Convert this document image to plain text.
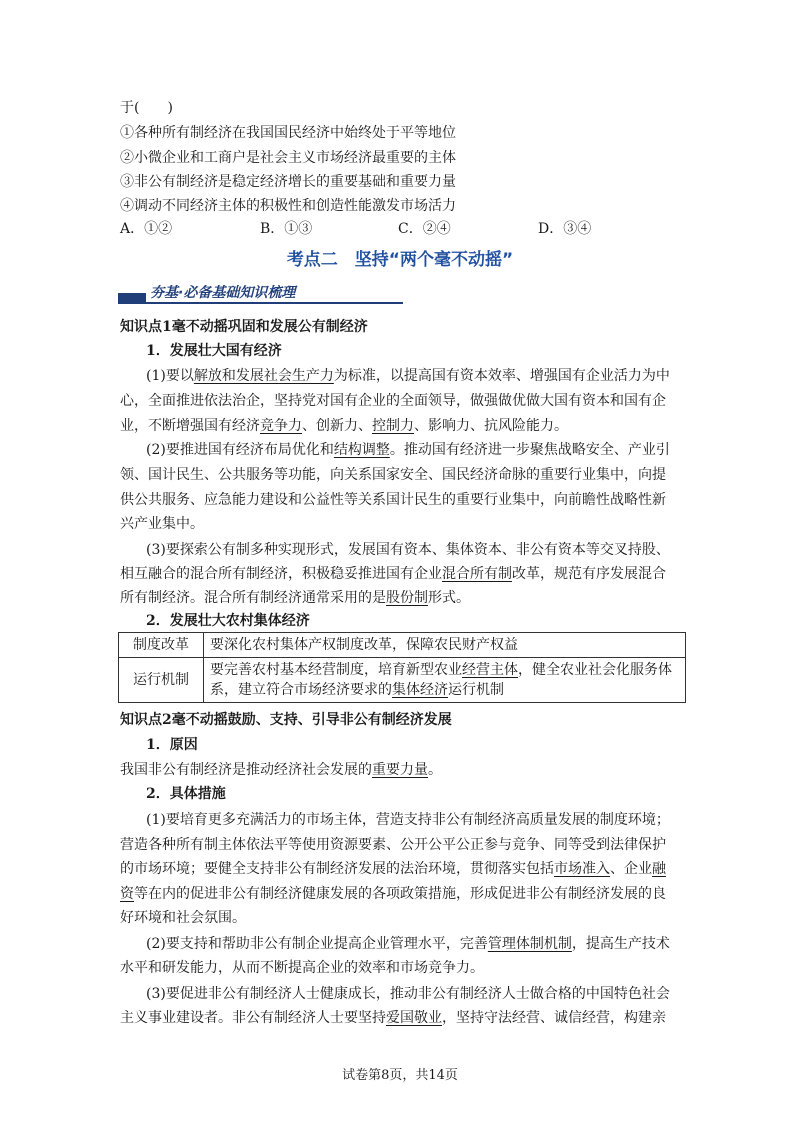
于(　　)
①各种所有制经济在我国国民经济中始终处于平等地位
②小微企业和工商户是社会主义市场经济最重要的主体
③非公有制经济是稳定经济增长的重要基础和重要力量
④调动不同经济主体的积极性和创造性能激发市场活力
A．①②	B．①③	C．②④	D．③④
考点二　坚持“两个毫不动摇”
夯基·必备基础知识梳理
知识点1毫不动摇巩固和发展公有制经济
1．发展壮大国有经济
(1)要以解放和发展社会生产力为标准，以提高国有资本效率、增强国有企业活力为中
心，全面推进依法治企，坚持党对国有企业的全面领导，做强做优做大国有资本和国有企
业，不断增强国有经济竞争力、创新力、控制力、影响力、抗风险能力。
(2)要推进国有经济布局优化和结构调整。推动国有经济进一步聚焦战略安全、产业引
领、国计民生、公共服务等功能，向关系国家安全、国民经济命脉的重要行业集中，向提
供公共服务、应急能力建设和公益性等关系国计民生的重要行业集中，向前瞻性战略性新
兴产业集中。
(3)要探索公有制多种实现形式，发展国有资本、集体资本、非公有资本等交叉持股、
相互融合的混合所有制经济，积极稳妥推进国有企业混合所有制改革，规范有序发展混合
所有制经济。混合所有制经济通常采用的是股份制形式。
2．发展壮大农村集体经济
制度改革	要深化农村集体产权制度改革，保障农民财产权益
运行机制	要完善农村基本经营制度，培育新型农业经营主体，健全农业社会化服务体
系，建立符合市场经济要求的集体经济运行机制
知识点2毫不动摇鼓励、支持、引导非公有制经济发展
1．原因
我国非公有制经济是推动经济社会发展的重要力量。
2．具体措施
(1)要培育更多充满活力的市场主体，营造支持非公有制经济高质量发展的制度环境；
营造各种所有制主体依法平等使用资源要素、公开公平公正参与竞争、同等受到法律保护
的市场环境；要健全支持非公有制经济发展的法治环境，贯彻落实包括市场准入、企业融
资等在内的促进非公有制经济健康发展的各项政策措施，形成促进非公有制经济发展的良
好环境和社会氛围。
(2)要支持和帮助非公有制企业提高企业管理水平，完善管理体制机制，提高生产技术
水平和研发能力，从而不断提高企业的效率和市场竞争力。
(3)要促进非公有制经济人士健康成长，推动非公有制经济人士做合格的中国特色社会
主义事业建设者。非公有制经济人士要坚持爱国敬业，坚持守法经营、诚信经营，构建亲
试卷第8页，共14页
